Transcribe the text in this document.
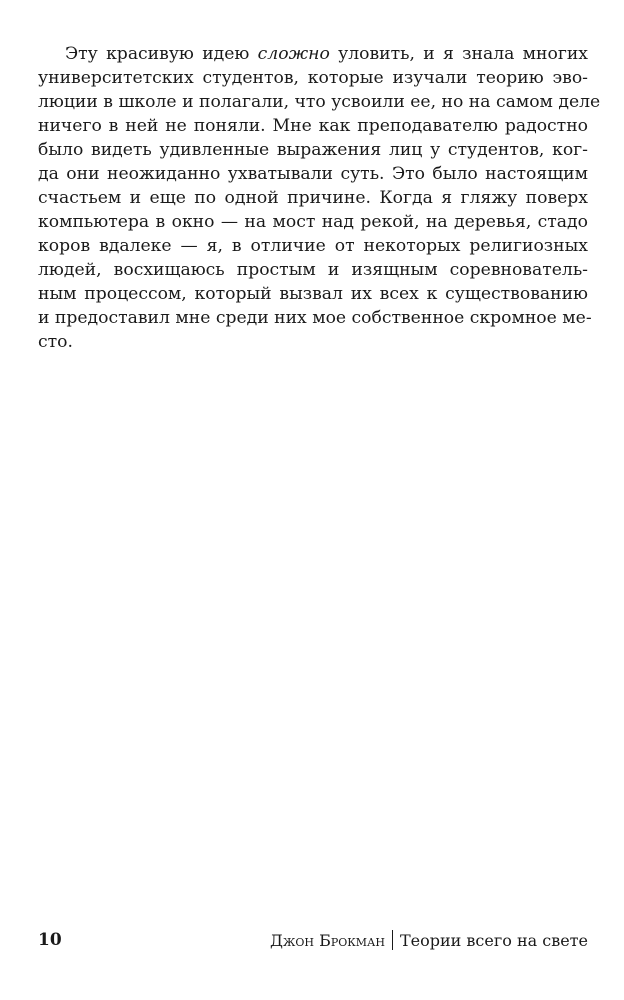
Эту красивую идею сложно уловить, и я знала многих
университетских студентов, которые изучали теорию эво-
люции в школе и полагали, что усвоили ее, но на самом деле
ничего в ней не поняли. Мне как преподавателю радостно
было видеть удивленные выражения лиц у студентов, ког-
да они неожиданно ухватывали суть. Это было настоящим
счастьем и еще по одной причине. Когда я гляжу поверх
компьютера в окно — на мост над рекой, на деревья, стадо
коров вдалеке — я, в отличие от некоторых религиозных
людей, восхищаюсь простым и изящным соревнователь-
ным процессом, который вызвал их всех к существованию
и предоставил мне среди них мое собственное скромное ме-
сто.
10	Джон Брокман Теории всего на свете
